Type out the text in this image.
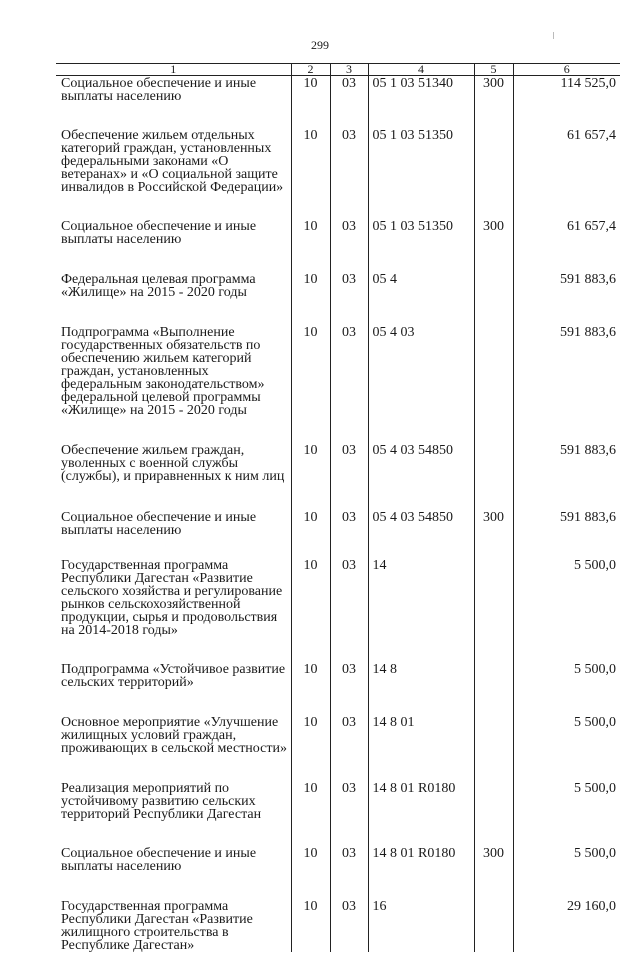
299
1	2	3	4	5	6
Социальное обеспечение и иные выплаты населению	10	03	05 1 03 51340	300	114 525,0

Обеспечение жильем отдельных категорий граждан, установленных федеральными законами «О ветеранах» и «О социальной защите инвалидов в Российской Федерации»	10	03	05 1 03 51350		61 657,4

Социальное обеспечение и иные выплаты населению	10	03	05 1 03 51350	300	61 657,4

Федеральная целевая программа «Жилище» на 2015 - 2020 годы	10	03	05 4		591 883,6

Подпрограмма «Выполнение государственных обязательств по обеспечению жильем категорий граждан, установленных федеральным законодательством» федеральной целевой программы «Жилище» на 2015 - 2020 годы	10	03	05 4 03		591 883,6

Обеспечение жильем граждан, уволенных с военной службы (службы), и приравненных к ним лиц	10	03	05 4 03 54850		591 883,6

Социальное обеспечение и иные выплаты населению	10	03	05 4 03 54850	300	591 883,6

Государственная программа Республики Дагестан «Развитие сельского хозяйства и регулирование рынков сельскохозяйственной продукции, сырья и продовольствия на 2014-2018 годы»	10	03	14		5 500,0

Подпрограмма «Устойчивое развитие сельских территорий»	10	03	14 8		5 500,0

Основное мероприятие «Улучшение жилищных условий граждан, проживающих в сельской местности»	10	03	14 8 01		5 500,0

Реализация мероприятий по устойчивому развитию сельских территорий Республики Дагестан	10	03	14 8 01 R0180		5 500,0

Социальное обеспечение и иные выплаты населению	10	03	14 8 01 R0180	300	5 500,0

Государственная программа Республики Дагестан «Развитие жилищного строительства в Республике Дагестан»	10	03	16		29 160,0
